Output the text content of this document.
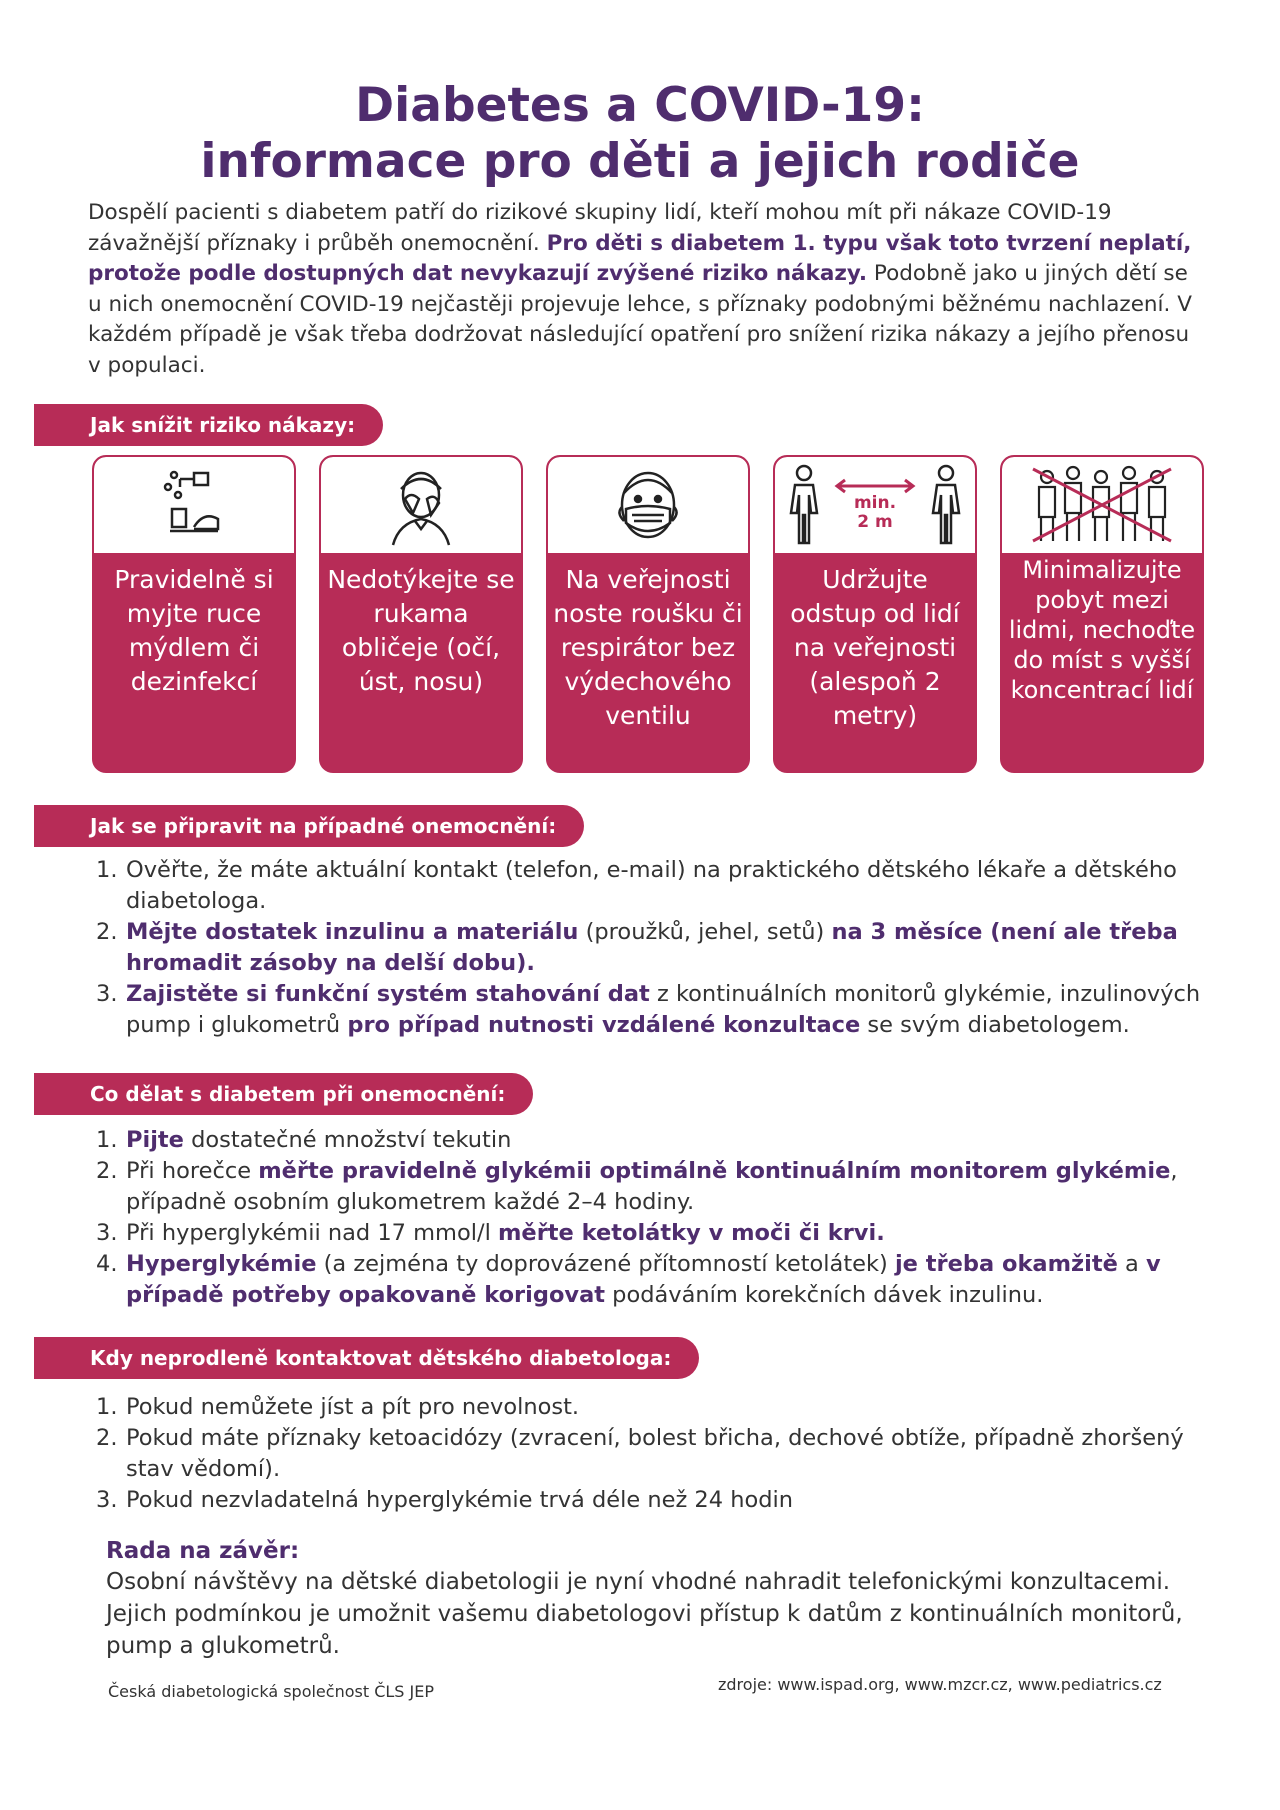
Diabetes a COVID-19:
informace pro děti a jejich rodiče
Dospělí pacienti s diabetem patří do rizikové skupiny lidí, kteří mohou mít při nákaze COVID-19 závažnější příznaky i průběh onemocnění. Pro děti s diabetem 1. typu však toto tvrzení neplatí, protože podle dostupných dat nevykazují zvýšené riziko nákazy. Podobně jako u jiných dětí se u nich onemocnění COVID-19 nejčastěji projevuje lehce, s příznaky podobnými běžnému nachlazení. V každém případě je však třeba dodržovat následující opatření pro snížení rizika nákazy a jejího přenosu v populaci.
Jak snížit riziko nákazy:
Pravidelně si myjte ruce mýdlem či dezinfekcí
Nedotýkejte se rukama obličeje (očí, úst, nosu)
Na veřejnosti noste roušku či respirátor bez výdechového ventilu
min.
2 m
Udržujte odstup od lidí na veřejnosti (alespoň 2 metry)
Minimalizujte pobyt mezi lidmi, nechoďte do míst s vyšší koncentrací lidí
Jak se připravit na případné onemocnění:
1. Ověřte, že máte aktuální kontakt (telefon, e-mail) na praktického dětského lékaře a dětského diabetologa.
2. Mějte dostatek inzulinu a materiálu (proužků, jehel, setů) na 3 měsíce (není ale třeba hromadit zásoby na delší dobu).
3. Zajistěte si funkční systém stahování dat z kontinuálních monitorů glykémie, inzulinových pump i glukometrů pro případ nutnosti vzdálené konzultace se svým diabetologem.
Co dělat s diabetem při onemocnění:
1. Pijte dostatečné množství tekutin
2. Při horečce měřte pravidelně glykémii optimálně kontinuálním monitorem glykémie, případně osobním glukometrem každé 2–4 hodiny.
3. Při hyperglykémii nad 17 mmol/l měřte ketolátky v moči či krvi.
4. Hyperglykémie (a zejména ty doprovázené přítomností ketolátek) je třeba okamžitě a v případě potřeby opakovaně korigovat podáváním korekčních dávek inzulinu.
Kdy neprodleně kontaktovat dětského diabetologa:
1. Pokud nemůžete jíst a pít pro nevolnost.
2. Pokud máte příznaky ketoacidózy (zvracení, bolest břicha, dechové obtíže, případně zhoršený stav vědomí).
3. Pokud nezvladatelná hyperglykémie trvá déle než 24 hodin
Rada na závěr:
Osobní návštěvy na dětské diabetologii je nyní vhodné nahradit telefonickými konzultacemi. Jejich podmínkou je umožnit vašemu diabetologovi přístup k datům z kontinuálních monitorů, pump a glukometrů.
Česká diabetologická společnost ČLS JEP	zdroje: www.ispad.org, www.mzcr.cz, www.pediatrics.cz
